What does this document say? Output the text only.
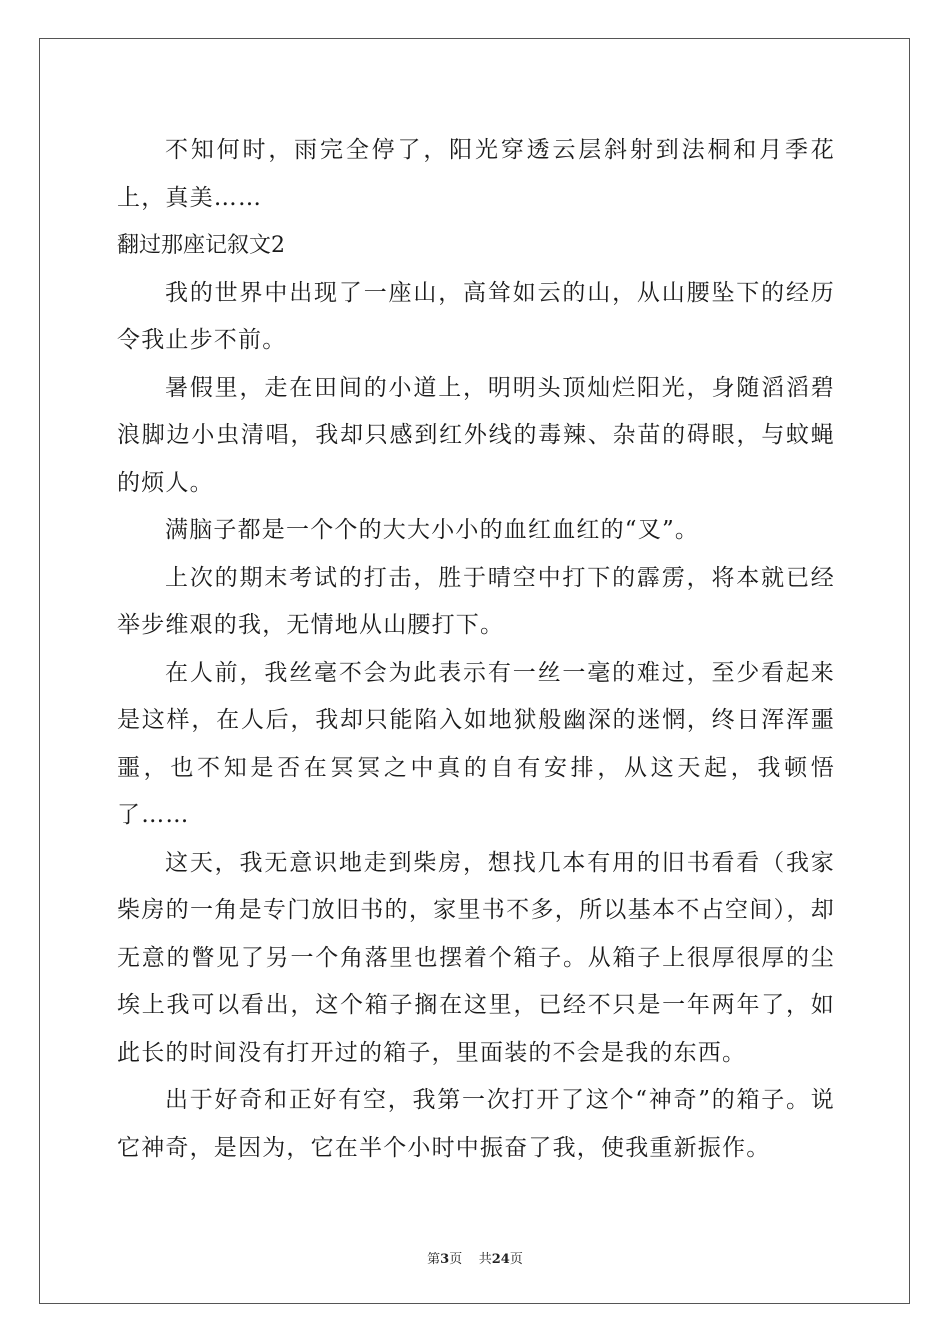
不知何时，雨完全停了，阳光穿透云层斜射到法桐和月季花上，真美……

翻过那座记叙文2

我的世界中出现了一座山，高耸如云的山，从山腰坠下的经历令我止步不前。

暑假里，走在田间的小道上，明明头顶灿烂阳光，身随滔滔碧浪脚边小虫清唱，我却只感到红外线的毒辣、杂苗的碍眼，与蚊蝇的烦人。

满脑子都是一个个的大大小小的血红血红的“叉”。

上次的期末考试的打击，胜于晴空中打下的霹雳，将本就已经举步维艰的我，无情地从山腰打下。

在人前，我丝毫不会为此表示有一丝一毫的难过，至少看起来是这样，在人后，我却只能陷入如地狱般幽深的迷惘，终日浑浑噩噩，也不知是否在冥冥之中真的自有安排，从这天起，我顿悟了……

这天，我无意识地走到柴房，想找几本有用的旧书看看（我家柴房的一角是专门放旧书的，家里书不多，所以基本不占空间），却无意的瞥见了另一个角落里也摆着个箱子。从箱子上很厚很厚的尘埃上我可以看出，这个箱子搁在这里，已经不只是一年两年了，如此长的时间没有打开过的箱子，里面装的不会是我的东西。

出于好奇和正好有空，我第一次打开了这个“神奇”的箱子。说它神奇，是因为，它在半个小时中振奋了我，使我重新振作。

第3页 共24页
